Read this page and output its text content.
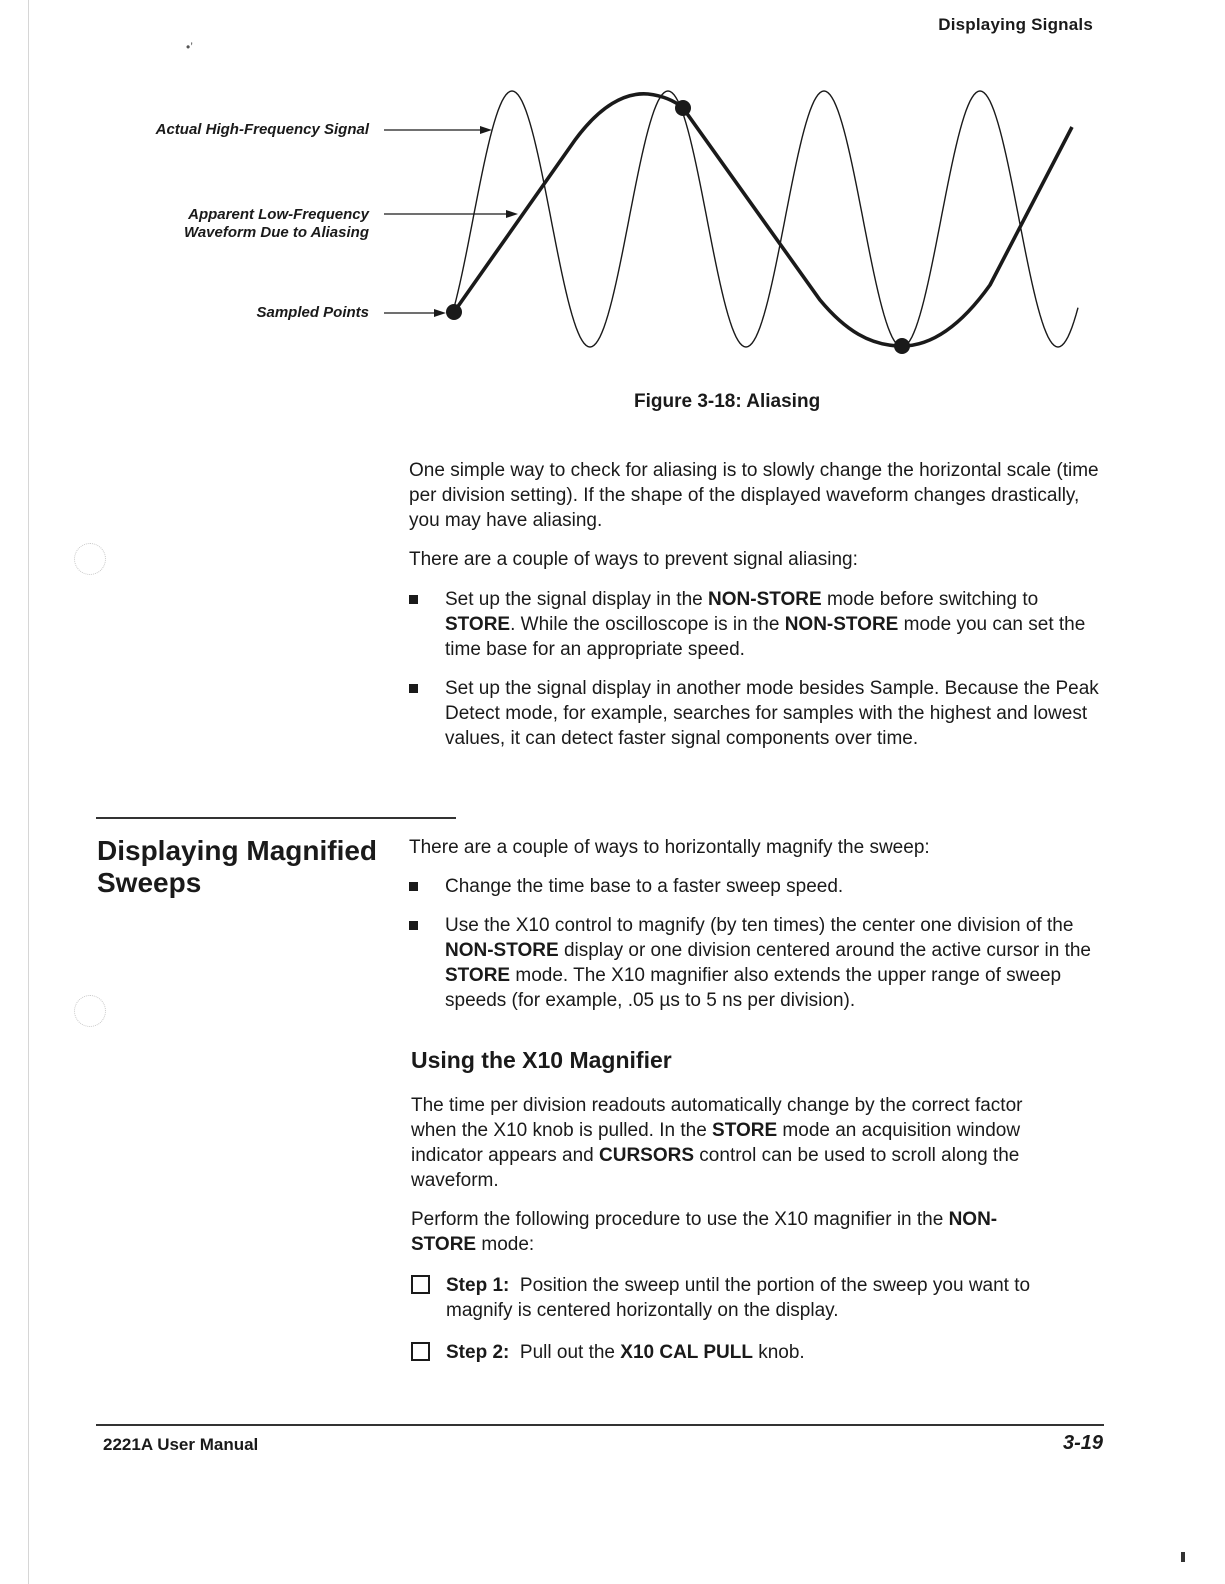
Displaying Signals
•’
Actual High-Frequency Signal
Apparent Low-Frequency
Waveform Due to Aliasing
Sampled Points
Figure 3-18: Aliasing
One simple way to check for aliasing is to slowly change the horizontal scale (time per division setting). If the shape of the displayed waveform changes drastically, you may have aliasing.
There are a couple of ways to prevent signal aliasing:
Set up the signal display in the NON-STORE mode before switching to STORE. While the oscilloscope is in the NON-STORE mode you can set the time base for an appropriate speed.
Set up the signal display in another mode besides Sample. Because the Peak Detect mode, for example, searches for samples with the highest and lowest values, it can detect faster signal components over time.
Displaying Magnified
Sweeps
There are a couple of ways to horizontally magnify the sweep:
Change the time base to a faster sweep speed.
Use the X10 control to magnify (by ten times) the center one division of the NON-STORE display or one division centered around the active cursor in the STORE mode. The X10 magnifier also extends the upper range of sweep speeds (for example, .05 µs to 5 ns per division).
Using the X10 Magnifier
The time per division readouts automatically change by the correct factor when the X10 knob is pulled. In the STORE mode an acquisition window indicator appears and CURSORS control can be used to scroll along the waveform.
Perform the following procedure to use the X10 magnifier in the NON-STORE mode:
Step 1: Position the sweep until the portion of the sweep you want to magnify is centered horizontally on the display.
Step 2: Pull out the X10 CAL PULL knob.
2221A User Manual	3-19
